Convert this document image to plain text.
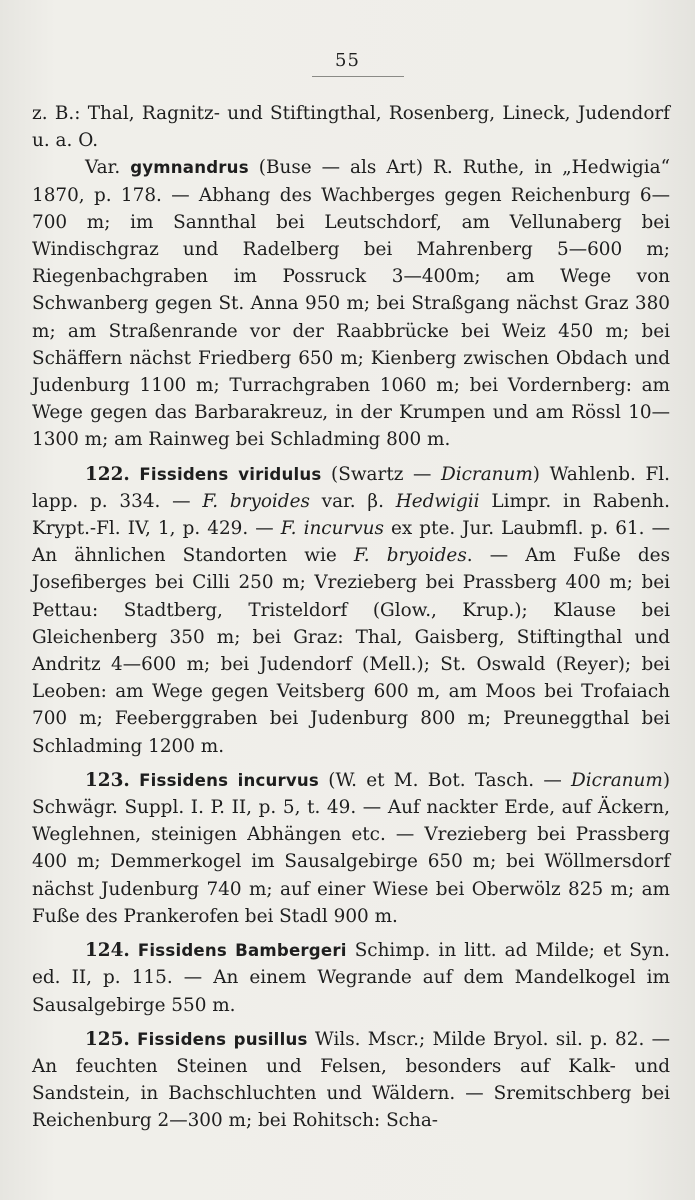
55

z. B.: Thal, Ragnitz- und Stiftingthal, Rosenberg, Lineck, Judendorf u. a. O.

Var. gymnandrus (Buse — als Art) R. Ruthe, in „Hedwigia“ 1870, p. 178. — Abhang des Wachberges gegen Reichenburg 6—700 m; im Sannthal bei Leutschdorf, am Vellunaberg bei Windischgraz und Radelberg bei Mahrenberg 5—600 m; Riegenbachgraben im Possruck 3—400m; am Wege von Schwanberg gegen St. Anna 950 m; bei Straßgang nächst Graz 380 m; am Straßenrande vor der Raabbrücke bei Weiz 450 m; bei Schäffern nächst Friedberg 650 m; Kienberg zwischen Obdach und Judenburg 1100 m; Turrachgraben 1060 m; bei Vordernberg: am Wege gegen das Barbarakreuz, in der Krumpen und am Rössl 10—1300 m; am Rainweg bei Schladming 800 m.

122. Fissidens viridulus (Swartz — Dicranum) Wahlenb. Fl. lapp. p. 334. — F. bryoides var. β. Hedwigii Limpr. in Rabenh. Krypt.-Fl. IV, 1, p. 429. — F. incurvus ex pte. Jur. Laubmfl. p. 61. — An ähnlichen Standorten wie F. bryoides. — Am Fuße des Josefiberges bei Cilli 250 m; Vrezieberg bei Prassberg 400 m; bei Pettau: Stadtberg, Tristeldorf (Glow., Krup.); Klause bei Gleichenberg 350 m; bei Graz: Thal, Gaisberg, Stiftingthal und Andritz 4—600 m; bei Judendorf (Mell.); St. Oswald (Reyer); bei Leoben: am Wege gegen Veitsberg 600 m, am Moos bei Trofaiach 700 m; Feeberggraben bei Judenburg 800 m; Preuneggthal bei Schladming 1200 m.

123. Fissidens incurvus (W. et M. Bot. Tasch. — Dicranum) Schwägr. Suppl. I. P. II, p. 5, t. 49. — Auf nackter Erde, auf Äckern, Weglehnen, steinigen Abhängen etc. — Vrezieberg bei Prassberg 400 m; Demmerkogel im Sausalgebirge 650 m; bei Wöllmersdorf nächst Judenburg 740 m; auf einer Wiese bei Oberwölz 825 m; am Fuße des Prankerofen bei Stadl 900 m.

124. Fissidens Bambergeri Schimp. in litt. ad Milde; et Syn. ed. II, p. 115. — An einem Wegrande auf dem Mandelkogel im Sausalgebirge 550 m.

125. Fissidens pusillus Wils. Mscr.; Milde Bryol. sil. p. 82. — An feuchten Steinen und Felsen, besonders auf Kalk- und Sandstein, in Bachschluchten und Wäldern. — Sremitschberg bei Reichenburg 2—300 m; bei Rohitsch: Scha-
